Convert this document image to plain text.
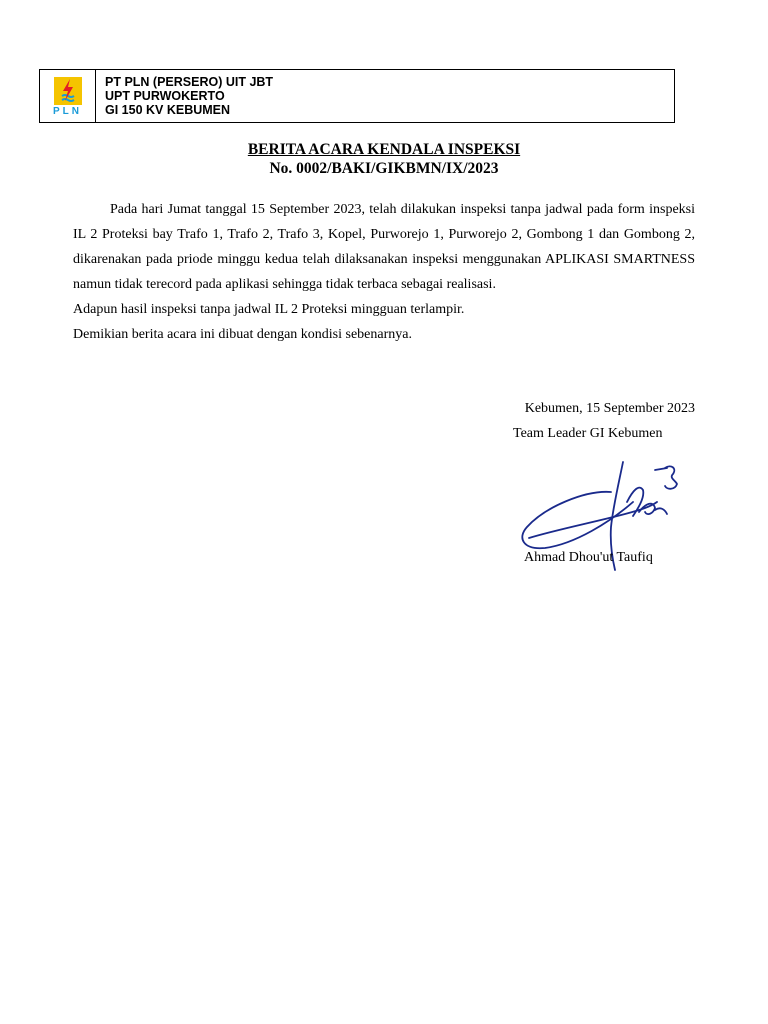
PLN
PT PLN (PERSERO) UIT JBT
UPT PURWOKERTO
GI 150 KV KEBUMEN
BERITA ACARA KENDALA INSPEKSI
No. 0002/BAKI/GIKBMN/IX/2023

Pada hari Jumat tanggal 15 September 2023, telah dilakukan inspeksi tanpa jadwal pada form inspeksi IL 2 Proteksi bay Trafo 1, Trafo 2, Trafo 3, Kopel, Purworejo 1, Purworejo 2, Gombong 1 dan Gombong 2, dikarenakan pada priode minggu kedua telah dilaksanakan inspeksi menggunakan APLIKASI SMARTNESS namun tidak terecord pada aplikasi sehingga tidak terbaca sebagai realisasi.

Adapun hasil inspeksi tanpa jadwal IL 2 Proteksi mingguan terlampir.

Demikian berita acara ini dibuat dengan kondisi sebenarnya.

Kebumen, 15 September 2023
Team Leader GI Kebumen
Ahmad Dhou'ut Taufiq
